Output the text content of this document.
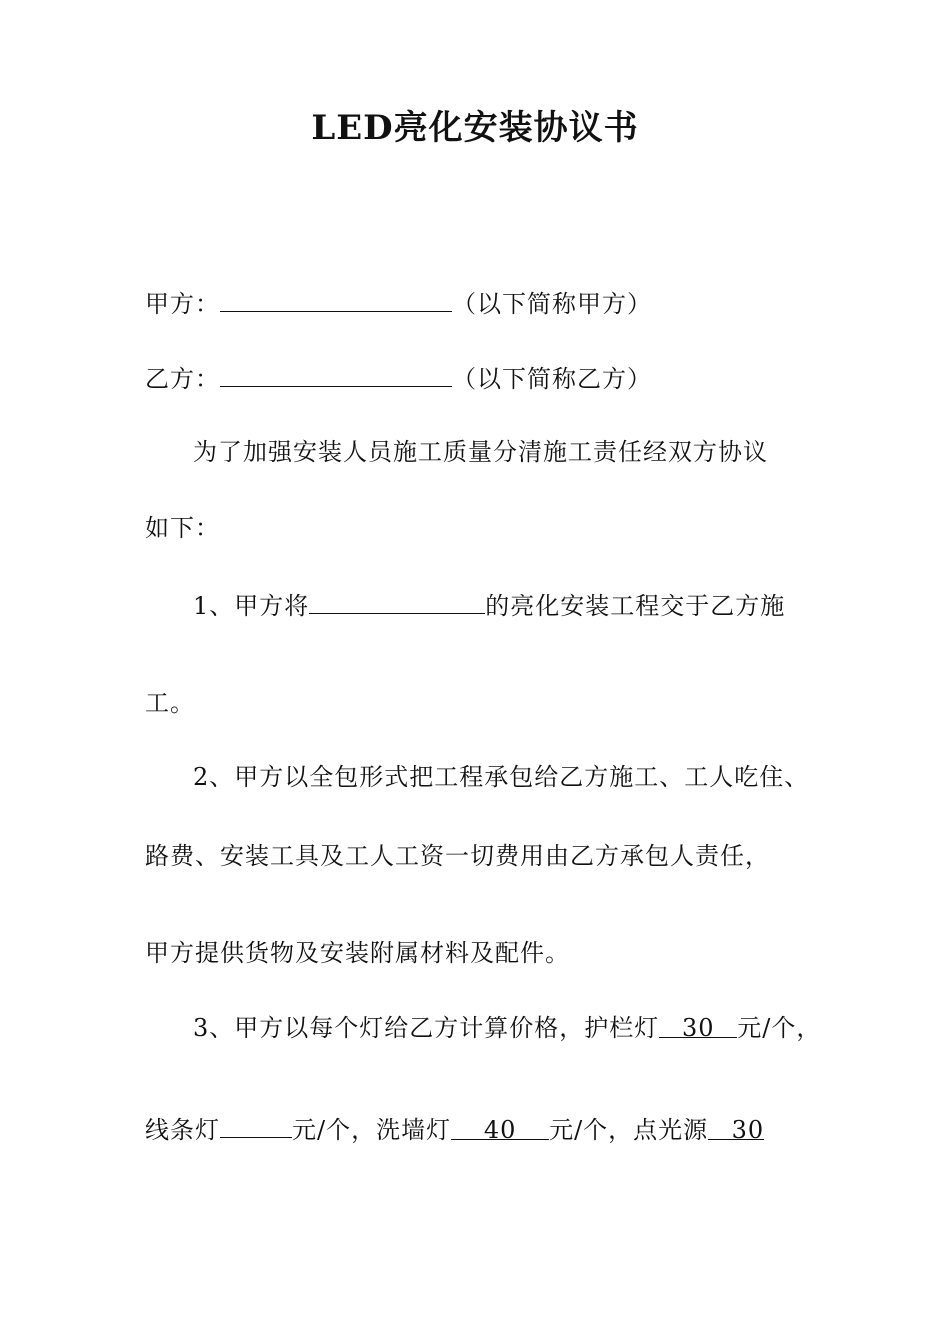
LED亮化安装协议书
甲方：	（以下简称甲方）
乙方：	（以下简称乙方）
为了加强安装人员施工质量分清施工责任经双方协议
如下：
1、甲方将	的亮化安装工程交于乙方施
工。
2、甲方以全包形式把工程承包给乙方施工、工人吃住、
路费、安装工具及工人工资一切费用由乙方承包人责任，
甲方提供货物及安装附属材料及配件。
3、甲方以每个灯给乙方计算价格，护栏灯 30 元/个，
线条灯	元/个，洗墙灯 40 元/个，点光源 30
